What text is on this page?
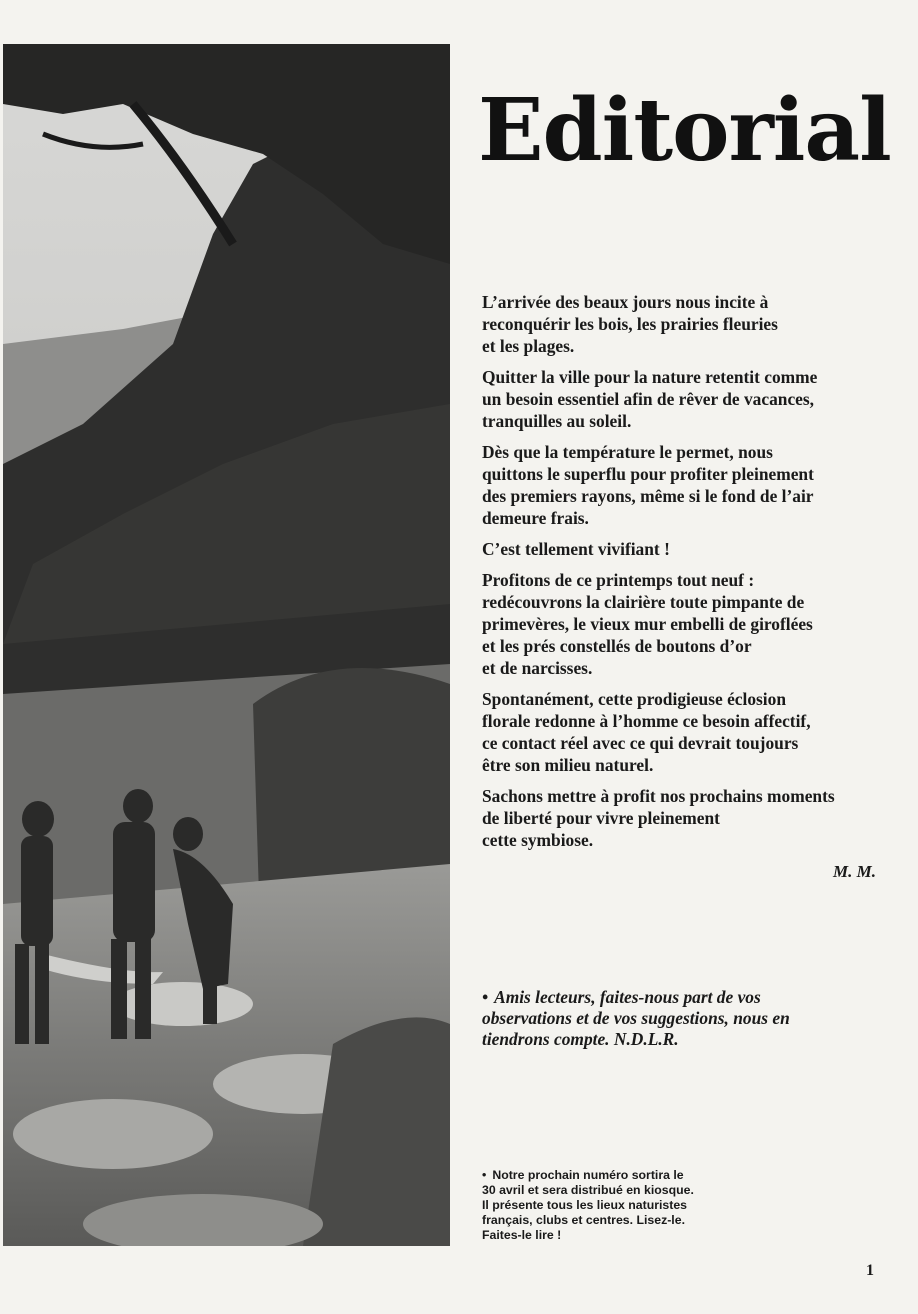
Editorial

L’arrivée des beaux jours nous incite à
reconquérir les bois, les prairies fleuries
et les plages.

Quitter la ville pour la nature retentit comme
un besoin essentiel afin de rêver de vacances,
tranquilles au soleil.

Dès que la température le permet, nous
quittons le superflu pour profiter pleinement
des premiers rayons, même si le fond de l’air
demeure frais.

C’est tellement vivifiant !

Profitons de ce printemps tout neuf :
redécouvrons la clairière toute pimpante de
primevères, le vieux mur embelli de giroflées
et les prés constellés de boutons d’or
et de narcisses.

Spontanément, cette prodigieuse éclosion
florale redonne à l’homme ce besoin affectif,
ce contact réel avec ce qui devrait toujours
être son milieu naturel.

Sachons mettre à profit nos prochains moments
de liberté pour vivre pleinement
cette symbiose.

M. M.
• Amis lecteurs, faites-nous part de vos
observations et de vos suggestions, nous en
tiendrons compte. N.D.L.R.
• Notre prochain numéro sortira le
30 avril et sera distribué en kiosque.
Il présente tous les lieux naturistes
français, clubs et centres. Lisez-le.
Faites-le lire !
1
